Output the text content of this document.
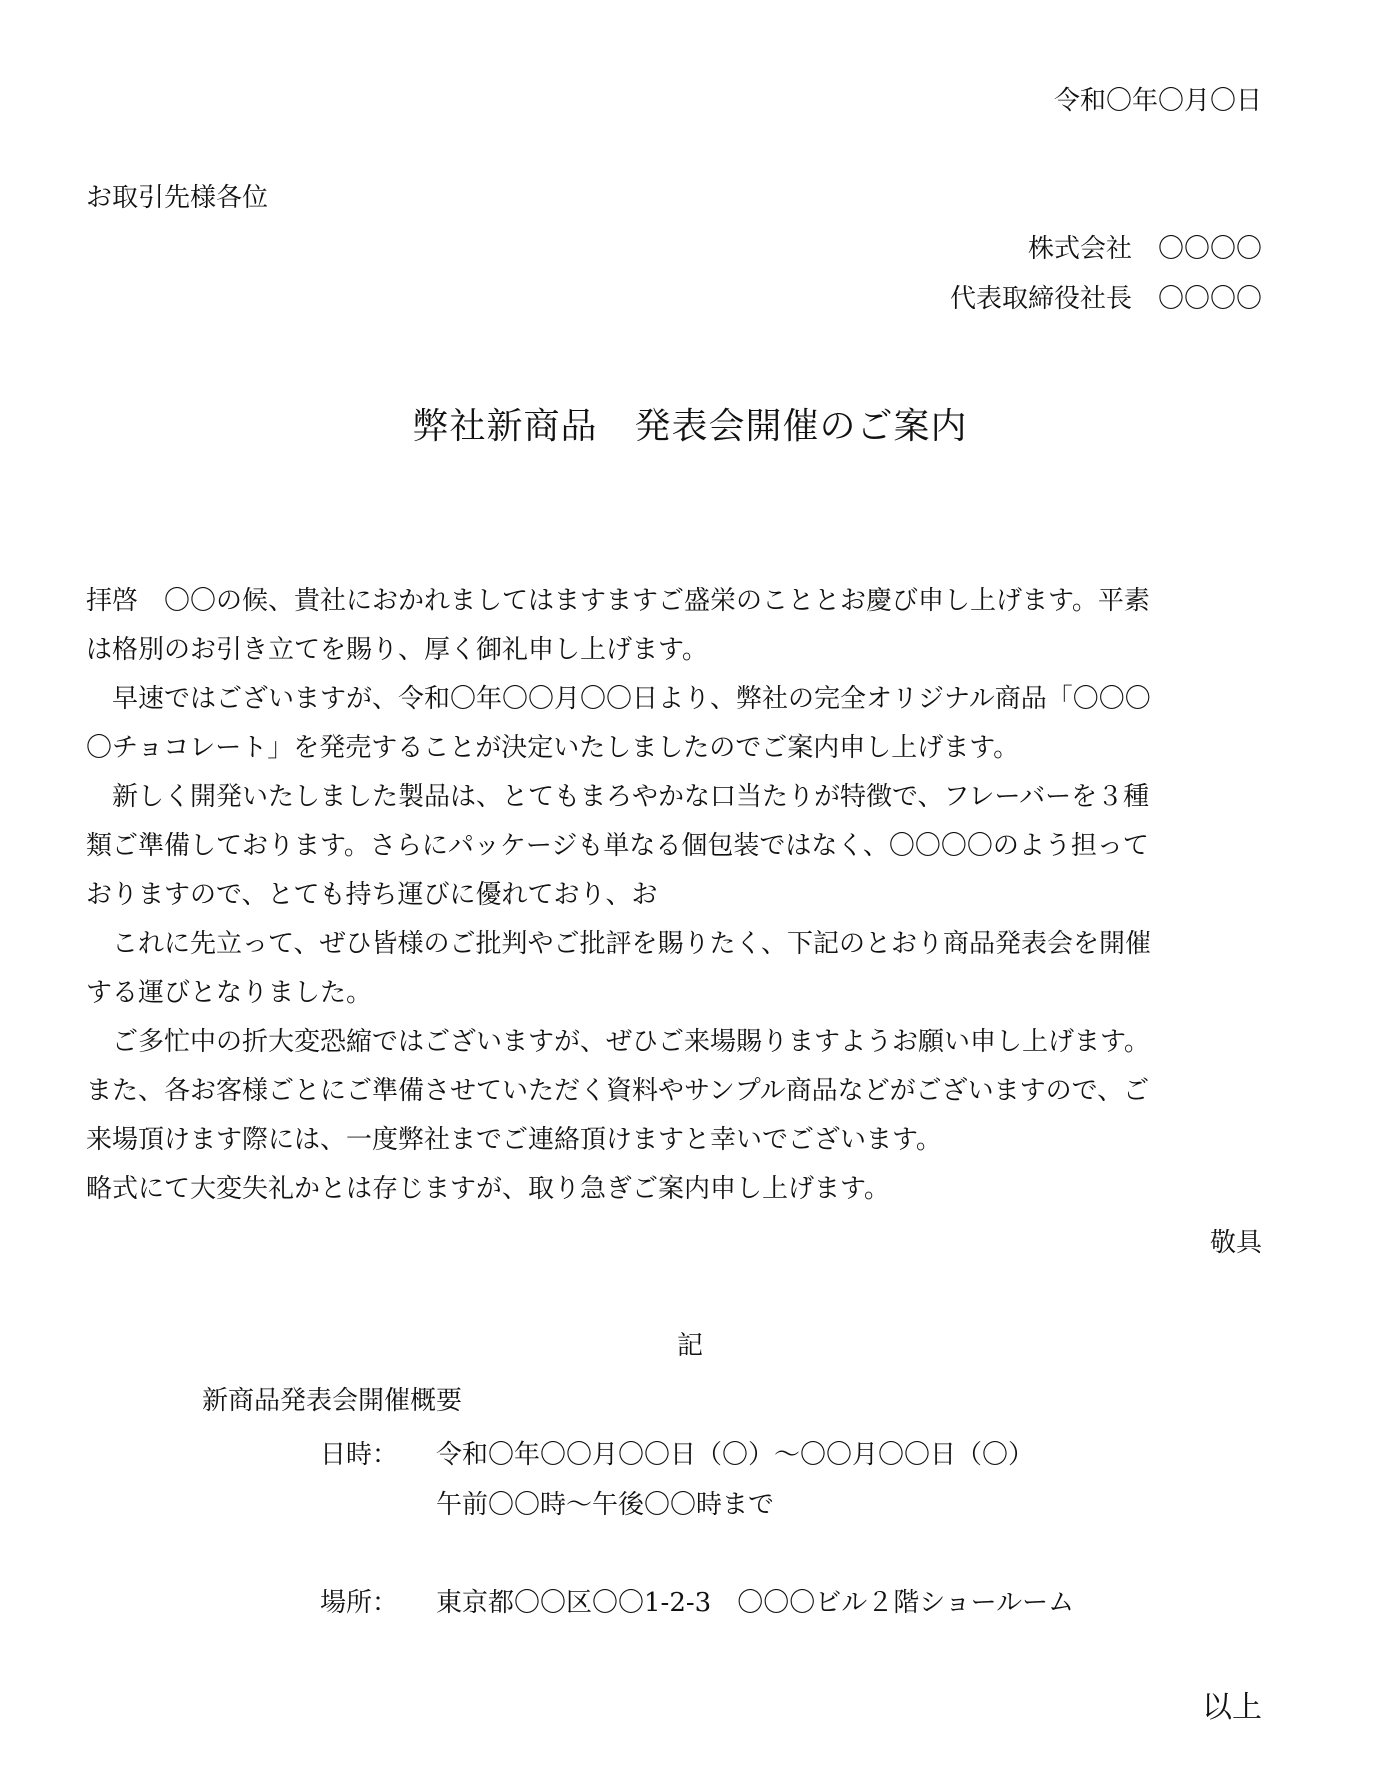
令和〇年〇月〇日
お取引先様各位
株式会社　〇〇〇〇
代表取締役社長　〇〇〇〇
弊社新商品　発表会開催のご案内

拝啓　〇〇の候、貴社におかれましてはますますご盛栄のこととお慶び申し上げます。平素

は格別のお引き立てを賜り、厚く御礼申し上げます。

　早速ではございますが、令和〇年〇〇月〇〇日より、弊社の完全オリジナル商品「〇〇〇

〇チョコレート」を発売することが決定いたしましたのでご案内申し上げます。

　新しく開発いたしました製品は、とてもまろやかな口当たりが特徴で、フレーバーを３種

類ご準備しております。さらにパッケージも単なる個包装ではなく、〇〇〇〇のよう担って

おりますので、とても持ち運びに優れており、お

　これに先立って、ぜひ皆様のご批判やご批評を賜りたく、下記のとおり商品発表会を開催

する運びとなりました。

　ご多忙中の折大変恐縮ではございますが、ぜひご来場賜りますようお願い申し上げます。

また、各お客様ごとにご準備させていただく資料やサンプル商品などがございますので、ご

来場頂けます際には、一度弊社までご連絡頂けますと幸いでございます。

略式にて大変失礼かとは存じますが、取り急ぎご案内申し上げます。

敬具
記
新商品発表会開催概要
日時： 令和〇年〇〇月〇〇日（〇）～〇〇月〇〇日（〇）
午前〇〇時～午後〇〇時まで
場所： 東京都〇〇区〇〇1-2-3　〇〇〇ビル２階ショールーム
以上
